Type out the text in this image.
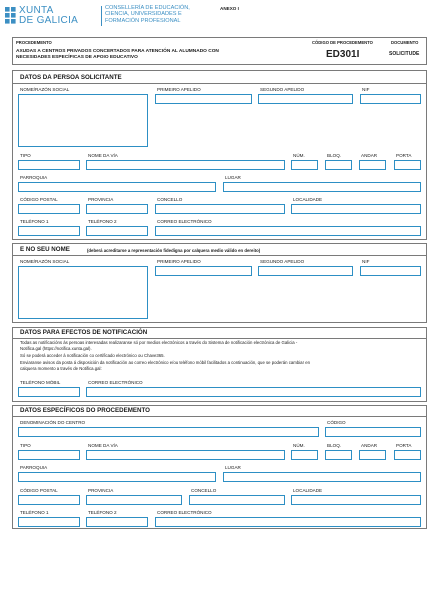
XUNTA
DE GALICIA
CONSELLERÍA DE EDUCACIÓN,
CIENCIA, UNIVERSIDADES E
FORMACIÓN PROFESIONAL
ANEXO I
PROCEDEMENTO
AXUDAS A CENTROS PRIVADOS CONCERTADOS PARA ATENCIÓN AL ALUMNADO CON
NECESIDADES ESPECÍFICAS DE APOIO EDUCATIVO
CÓDIGO DE PROCEDEMENTO
ED301I
DOCUMENTO
SOLICITUDE
DATOS DA PERSOA SOLICITANTE
NOME/RAZÓN SOCIAL	PRIMEIRO APELIDO	SEGUNDO APELIDO	NIF
TIPO	NOME DA VÍA	NÚM.	BLOQ.	ANDAR	PORTA
PARROQUIA	LUGAR
CÓDIGO POSTAL	PROVINCIA	CONCELLO	LOCALIDADE
TELÉFONO 1	TELÉFONO 2	CORREO ELECTRÓNICO
E NO SEU NOME	(deberá acreditarse a representación fidedigna por calquera medio válido en dereito)
NOME/RAZÓN SOCIAL	PRIMEIRO APELIDO	SEGUNDO APELIDO	NIF
DATOS PARA EFECTOS DE NOTIFICACIÓN
Todas as notificacións ás persoas interesadas realizaranse só por medios electrónicos a través do Sistema de notificación electrónica de Galicia -
Notifica.gal (https://notifica.xunta.gal).
Só se poderá acceder á notificación co certificado electrónico ou Chave365.
Enviaranse avisos da posta á disposición da notificación ao correo electrónico e/ou teléfono móbil facilitados a continuación, que se poderán cambiar en
calquera momento a través de Notifica.gal:
TELÉFONO MÓBIL	CORREO ELECTRÓNICO
DATOS ESPECÍFICOS DO PROCEDEMENTO
DENOMINACIÓN DO CENTRO	CÓDIGO
TIPO	NOME DA VÍA	NÚM.	BLOQ.	ANDAR	PORTA
PARROQUIA	LUGAR
CÓDIGO POSTAL	PROVINCIA	CONCELLO	LOCALIDADE
TELÉFONO 1	TELÉFONO 2	CORREO ELECTRÓNICO
